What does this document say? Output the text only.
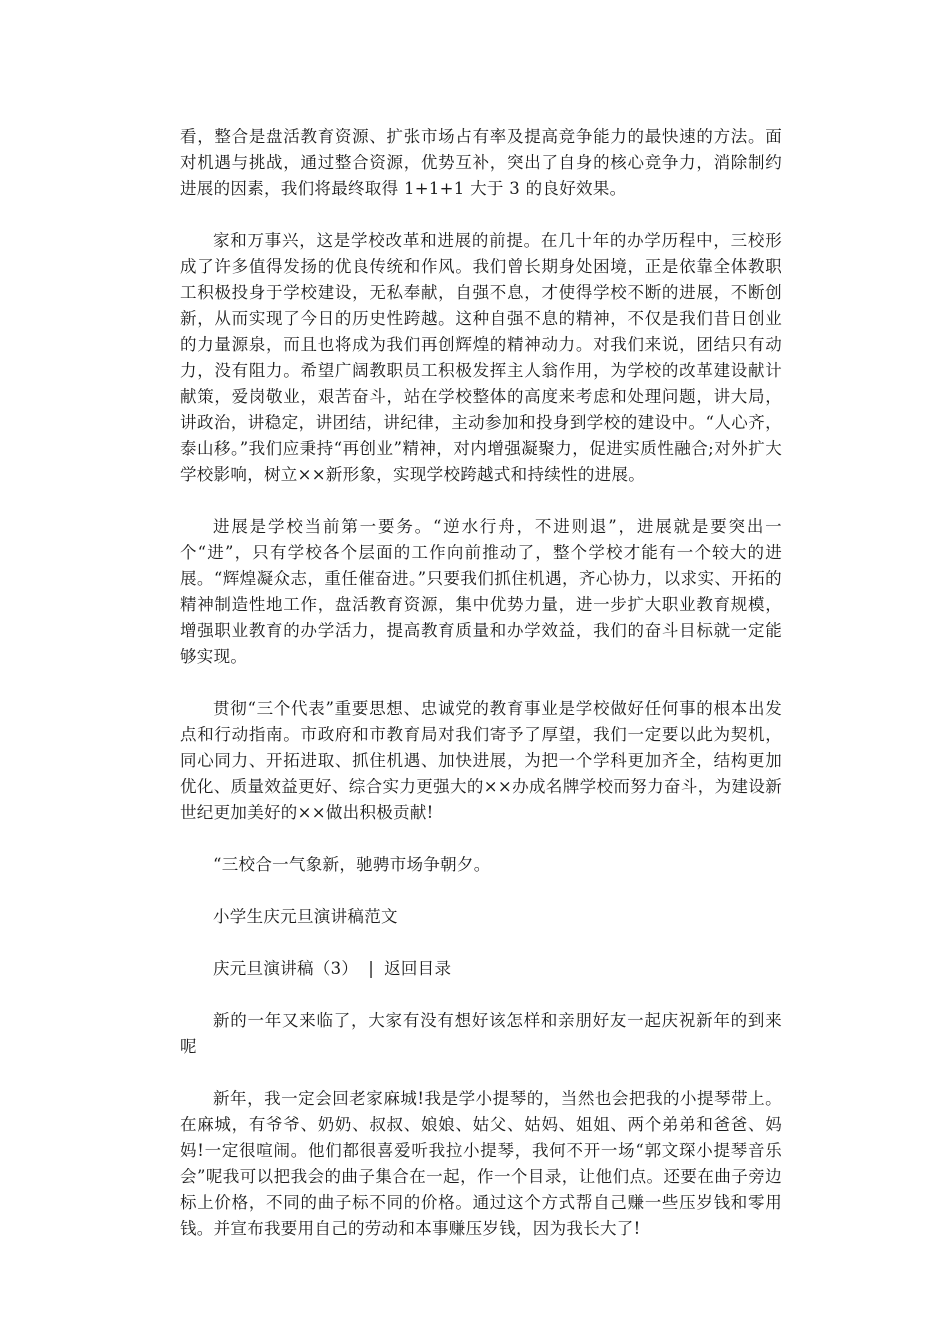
看，整合是盘活教育资源、扩张市场占有率及提高竞争能力的最快速的方法。面对机遇与挑战，通过整合资源，优势互补，突出了自身的核心竞争力，消除制约进展的因素，我们将最终取得 1+1+1 大于 3 的良好效果。

家和万事兴，这是学校改革和进展的前提。在几十年的办学历程中，三校形成了许多值得发扬的优良传统和作风。我们曾长期身处困境，正是依靠全体教职工积极投身于学校建设，无私奉献，自强不息，才使得学校不断的进展，不断创新，从而实现了今日的历史性跨越。这种自强不息的精神，不仅是我们昔日创业的力量源泉，而且也将成为我们再创辉煌的精神动力。对我们来说，团结只有动力，没有阻力。希望广阔教职员工积极发挥主人翁作用，为学校的改革建设献计献策，爱岗敬业，艰苦奋斗，站在学校整体的高度来考虑和处理问题，讲大局，讲政治，讲稳定，讲团结，讲纪律，主动参加和投身到学校的建设中。“人心齐，泰山移。”我们应秉持“再创业”精神，对内增强凝聚力，促进实质性融合;对外扩大学校影响，树立××新形象，实现学校跨越式和持续性的进展。

进展是学校当前第一要务。“逆水行舟，不进则退”，进展就是要突出一个“进”，只有学校各个层面的工作向前推动了，整个学校才能有一个较大的进展。“辉煌凝众志，重任催奋进。”只要我们抓住机遇，齐心协力，以求实、开拓的精神制造性地工作，盘活教育资源，集中优势力量，进一步扩大职业教育规模，增强职业教育的办学活力，提高教育质量和办学效益，我们的奋斗目标就一定能够实现。

贯彻“三个代表”重要思想、忠诚党的教育事业是学校做好任何事的根本出发点和行动指南。市政府和市教育局对我们寄予了厚望，我们一定要以此为契机，同心同力、开拓进取、抓住机遇、加快进展，为把一个学科更加齐全，结构更加优化、质量效益更好、综合实力更强大的××办成名牌学校而努力奋斗，为建设新世纪更加美好的××做出积极贡献!

“三校合一气象新，驰骋市场争朝夕。

小学生庆元旦演讲稿范文

庆元旦演讲稿（3） | 返回目录

新的一年又来临了，大家有没有想好该怎样和亲朋好友一起庆祝新年的到来呢

新年，我一定会回老家麻城!我是学小提琴的，当然也会把我的小提琴带上。在麻城，有爷爷、奶奶、叔叔、娘娘、姑父、姑妈、姐姐、两个弟弟和爸爸、妈妈!一定很喧闹。他们都很喜爱听我拉小提琴，我何不开一场“郭文琛小提琴音乐会”呢我可以把我会的曲子集合在一起，作一个目录，让他们点。还要在曲子旁边标上价格，不同的曲子标不同的价格。通过这个方式帮自己赚一些压岁钱和零用钱。并宣布我要用自己的劳动和本事赚压岁钱，因为我长大了!
